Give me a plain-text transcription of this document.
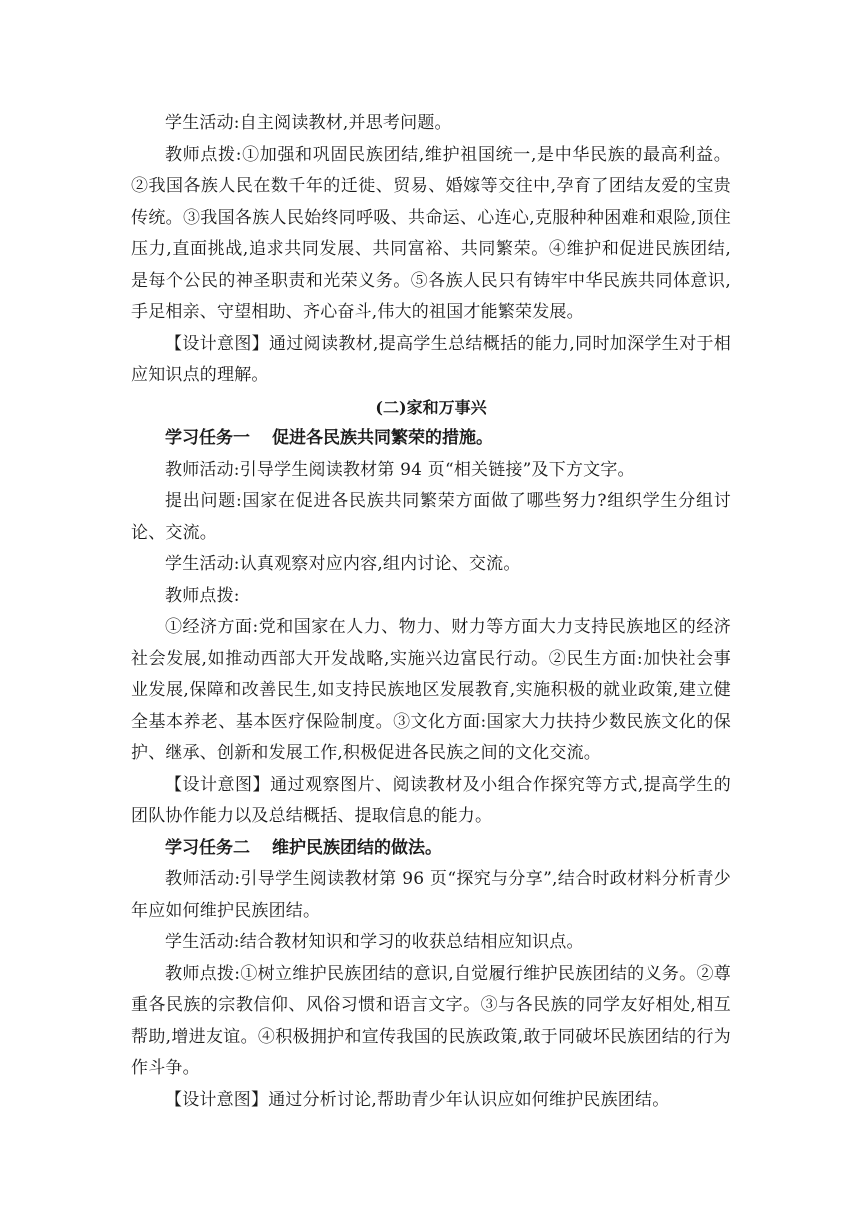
学生活动:自主阅读教材,并思考问题。

教师点拨:①加强和巩固民族团结,维护祖国统一,是中华民族的最高利益。②我国各族人民在数千年的迁徙、贸易、婚嫁等交往中,孕育了团结友爱的宝贵传统。③我国各族人民始终同呼吸、共命运、心连心,克服种种困难和艰险,顶住压力,直面挑战,追求共同发展、共同富裕、共同繁荣。④维护和促进民族团结,是每个公民的神圣职责和光荣义务。⑤各族人民只有铸牢中华民族共同体意识,手足相亲、守望相助、齐心奋斗,伟大的祖国才能繁荣发展。

【设计意图】通过阅读教材,提高学生总结概括的能力,同时加深学生对于相应知识点的理解。

(二)家和万事兴

学习任务一 促进各民族共同繁荣的措施。

教师活动:引导学生阅读教材第 94 页“相关链接”及下方文字。

提出问题:国家在促进各民族共同繁荣方面做了哪些努力?组织学生分组讨论、交流。

学生活动:认真观察对应内容,组内讨论、交流。

教师点拨:

①经济方面:党和国家在人力、物力、财力等方面大力支持民族地区的经济社会发展,如推动西部大开发战略,实施兴边富民行动。②民生方面:加快社会事业发展,保障和改善民生,如支持民族地区发展教育,实施积极的就业政策,建立健全基本养老、基本医疗保险制度。③文化方面:国家大力扶持少数民族文化的保护、继承、创新和发展工作,积极促进各民族之间的文化交流。

【设计意图】通过观察图片、阅读教材及小组合作探究等方式,提高学生的团队协作能力以及总结概括、提取信息的能力。

学习任务二 维护民族团结的做法。

教师活动:引导学生阅读教材第 96 页“探究与分享”,结合时政材料分析青少年应如何维护民族团结。

学生活动:结合教材知识和学习的收获总结相应知识点。

教师点拨:①树立维护民族团结的意识,自觉履行维护民族团结的义务。②尊重各民族的宗教信仰、风俗习惯和语言文字。③与各民族的同学友好相处,相互帮助,增进友谊。④积极拥护和宣传我国的民族政策,敢于同破坏民族团结的行为作斗争。

【设计意图】通过分析讨论,帮助青少年认识应如何维护民族团结。
